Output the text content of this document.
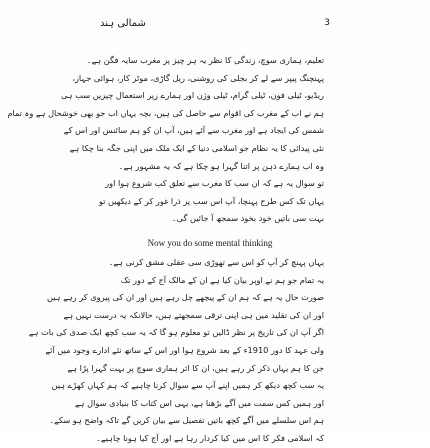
شمالی ہند	3
تعلیم، ہماری سوچ، زندگی کا نظر یہ ہر چیز پر مغرب سایہ فگن ہے۔
پہنچنگ پیپر سے لے کر بجلی کی روشنی، ریل گاڑی، موٹر کار، ہوائی جہاز،
ریڈیو، ٹیلی فون، ٹیلی گرام، ٹیلی وژن اور ہمارے زیر استعمال چیزیں سب ہی
ہم نے اب کے مغرب کی اقوام سے حاصل کی ہیں، بچہ یہاں اب جو بھی خوشحال ہے وہ تمام
شمس کی ایجاد ہے اور مغرب سے آئے ہیں، آپ ان کو ہم سائنس اور اس کے
نئی پیدائی کا یہ نظام جو اسلامی دنیا کے ایک ملک میں اپنی جگہ بنا چکا ہے
وہ اب ہمارے ذہن پر اتنا گہرا ہو چکا ہے کہ یہ مشہور ہے۔
تو سوال یہ ہے کہ ان سب کا مغرب سے تعلق کب شروع ہوا اور
یہاں تک کس طرح پہنچا، آپ اس سب پر ذرا غور کر کے دیکھیں تو
بہت سی باتیں خود بخود سمجھ آ جائیں گی۔
Now you do some mental thinking
یہاں پہنچ کر آپ کو اس سے تھوڑی سی عقلی مشق کرنی ہے۔
یہ تمام جو ہم نے اوپر بیان کیا ہے ان کے مالک آج کے دور تک
صورت حال یہ ہے کہ ہم ان کے پیچھے چل رہے ہیں اور ان کی پیروی کر رہے ہیں
اور ان کی تقلید میں ہی اپنی ترقی سمجھتے ہیں، حالانکہ یہ درست نہیں ہے
اگر آپ ان کی تاریخ پر نظر ڈالیں تو معلوم ہو گا کہ یہ سب کچھ ایک صدی کی بات ہے
ولی عہد کا دور 1910ء کے بعد شروع ہوا اور اس کے ساتھ نئے ادارے وجود میں آئے
جن کا ہم یہاں ذکر کر رہے ہیں، ان کا اثر ہماری سوچ پر بہت گہرا پڑا ہے
یہ سب کچھ دیکھ کر ہمیں اپنے آپ سے سوال کرنا چاہیے کہ ہم کہاں کھڑے ہیں
اور ہمیں کس سمت میں آگے بڑھنا ہے، یہی اس کتاب کا بنیادی سوال ہے
ہم اس سلسلے میں آگے کچھ باتیں تفصیل سے بیان کریں گے تاکہ واضح ہو سکے۔
کہ اسلامی فکر کا اس میں کیا کردار رہا ہے اور آج کیا ہونا چاہیے۔
